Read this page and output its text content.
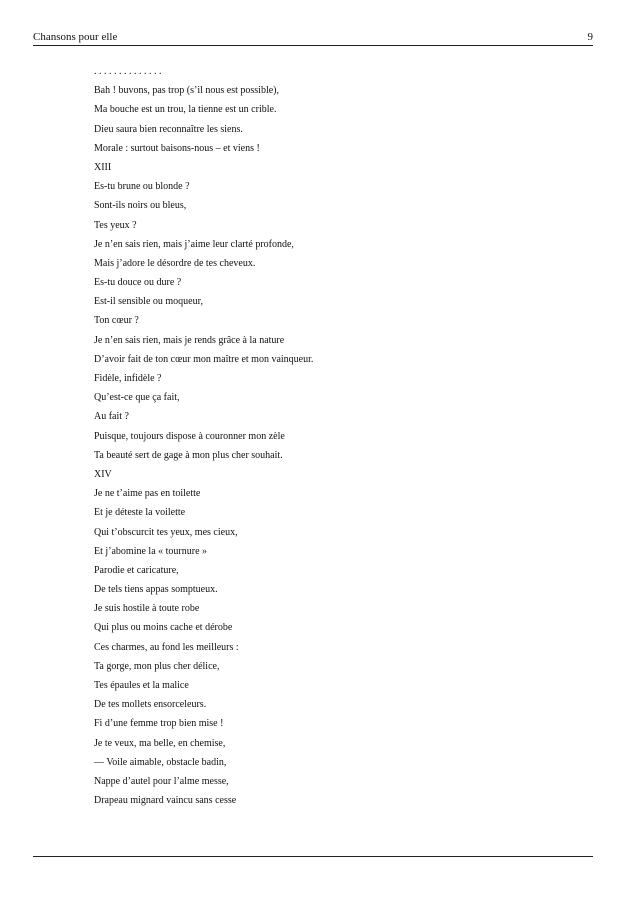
Chansons pour elle	9
. . . . . . . . . . . . . .
Bah ! buvons, pas trop (s’il nous est possible),
Ma bouche est un trou, la tienne est un crible.
Dieu saura bien reconnaître les siens.
Morale : surtout baisons-nous – et viens !
XIII
Es-tu brune ou blonde ?
Sont-ils noirs ou bleus,
Tes yeux ?
Je n’en sais rien, mais j’aime leur clarté profonde,
Mais j’adore le désordre de tes cheveux.
Es-tu douce ou dure ?
Est-il sensible ou moqueur,
Ton cœur ?
Je n’en sais rien, mais je rends grâce à la nature
D’avoir fait de ton cœur mon maître et mon vainqueur.
Fidèle, infidèle ?
Qu’est-ce que ça fait,
Au fait ?
Puisque, toujours dispose à couronner mon zèle
Ta beauté sert de gage à mon plus cher souhait.
XIV
Je ne t’aime pas en toilette
Et je déteste la voilette
Qui t’obscurcit tes yeux, mes cieux,
Et j’abomine la « tournure »
Parodie et caricature,
De tels tiens appas somptueux.
Je suis hostile à toute robe
Qui plus ou moins cache et dérobe
Ces charmes, au fond les meilleurs :
Ta gorge, mon plus cher délice,
Tes épaules et la malice
De tes mollets ensorceleurs.
Fi d’une femme trop bien mise !
Je te veux, ma belle, en chemise,
— Voile aimable, obstacle badin,
Nappe d’autel pour l’alme messe,
Drapeau mignard vaincu sans cesse
